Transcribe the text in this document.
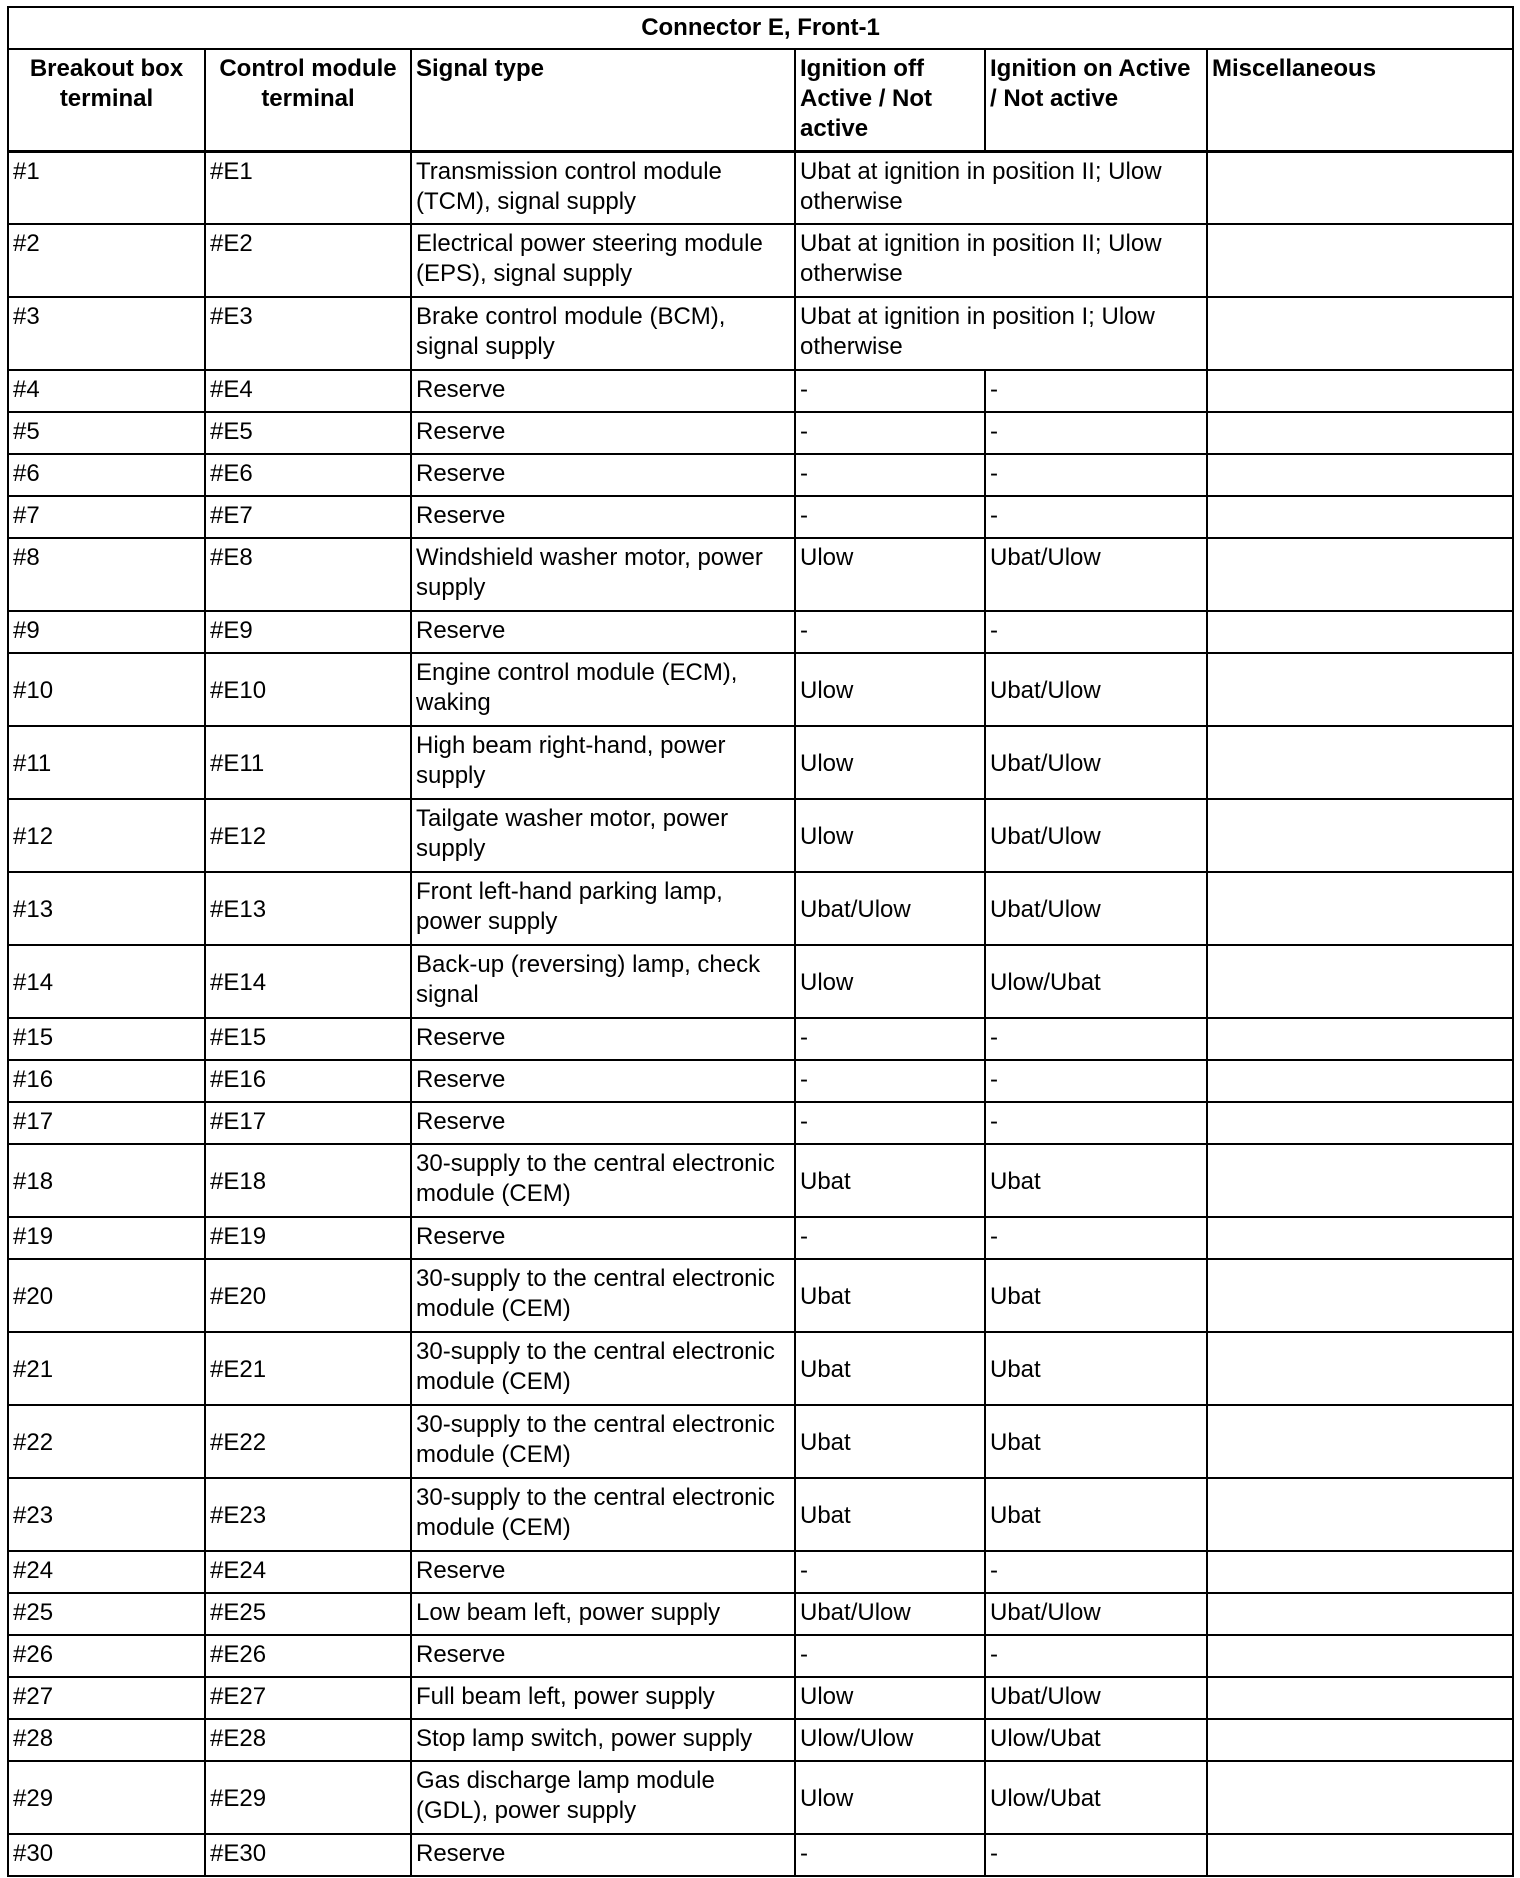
Connector E, Front-1					
Breakout box terminal	Control module terminal	Signal type	Ignition off Active / Not active	Ignition on Active / Not active	Miscellaneous
#1	#E1	Transmission control module (TCM), signal supply	Ubat at ignition in position II; Ulow otherwise		
#2	#E2	Electrical power steering module (EPS), signal supply	Ubat at ignition in position II; Ulow otherwise		
#3	#E3	Brake control module (BCM), signal supply	Ubat at ignition in position I; Ulow otherwise		
#4	#E4	Reserve	-	-	
#5	#E5	Reserve	-	-	
#6	#E6	Reserve	-	-	
#7	#E7	Reserve	-	-	
#8	#E8	Windshield washer motor, power supply	Ulow	Ubat/Ulow	
#9	#E9	Reserve	-	-	
#10	#E10	Engine control module (ECM), waking	Ulow	Ubat/Ulow	
#11	#E11	High beam right-hand, power supply	Ulow	Ubat/Ulow	
#12	#E12	Tailgate washer motor, power supply	Ulow	Ubat/Ulow	
#13	#E13	Front left-hand parking lamp, power supply	Ubat/Ulow	Ubat/Ulow	
#14	#E14	Back-up (reversing) lamp, check signal	Ulow	Ulow/Ubat	
#15	#E15	Reserve	-	-	
#16	#E16	Reserve	-	-	
#17	#E17	Reserve	-	-	
#18	#E18	30-supply to the central electronic module (CEM)	Ubat	Ubat	
#19	#E19	Reserve	-	-	
#20	#E20	30-supply to the central electronic module (CEM)	Ubat	Ubat	
#21	#E21	30-supply to the central electronic module (CEM)	Ubat	Ubat	
#22	#E22	30-supply to the central electronic module (CEM)	Ubat	Ubat	
#23	#E23	30-supply to the central electronic module (CEM)	Ubat	Ubat	
#24	#E24	Reserve	-	-	
#25	#E25	Low beam left, power supply	Ubat/Ulow	Ubat/Ulow	
#26	#E26	Reserve	-	-	
#27	#E27	Full beam left, power supply	Ulow	Ubat/Ulow	
#28	#E28	Stop lamp switch, power supply	Ulow/Ulow	Ulow/Ubat	
#29	#E29	Gas discharge lamp module (GDL), power supply	Ulow	Ulow/Ubat	
#30	#E30	Reserve	-	-	
